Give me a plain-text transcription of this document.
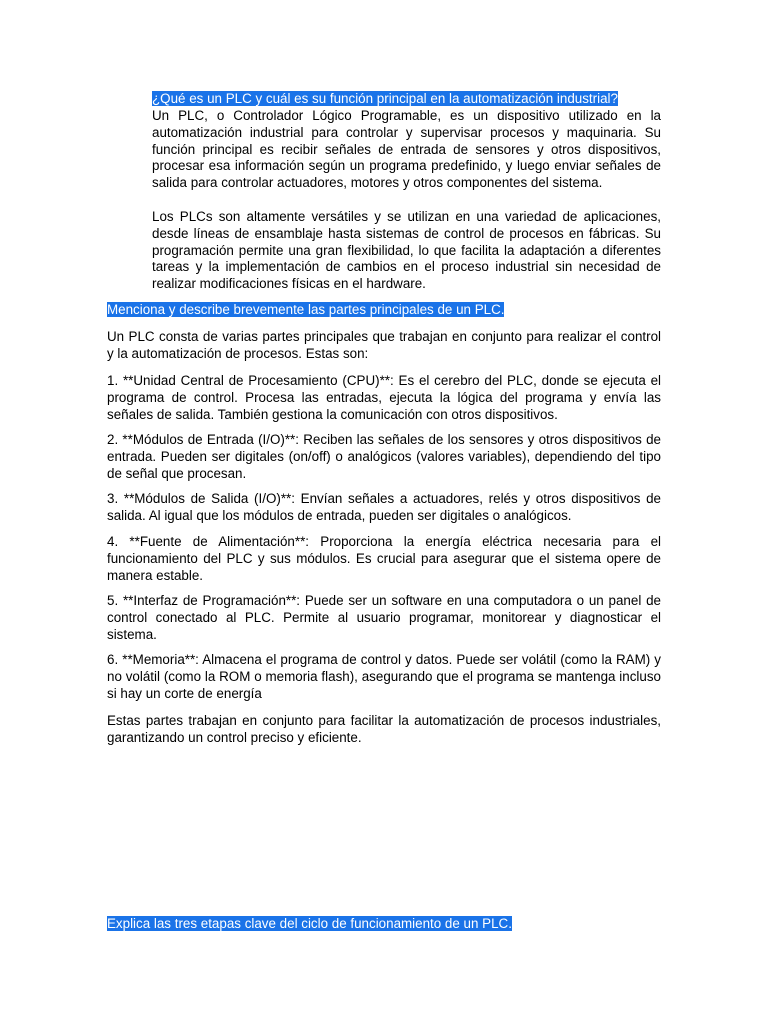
¿Qué es un PLC y cuál es su función principal en la automatización industrial?

Un PLC, o Controlador Lógico Programable, es un dispositivo utilizado en la automatización industrial para controlar y supervisar procesos y maquinaria. Su función principal es recibir señales de entrada de sensores y otros dispositivos, procesar esa información según un programa predefinido, y luego enviar señales de salida para controlar actuadores, motores y otros componentes del sistema.

Los PLCs son altamente versátiles y se utilizan en una variedad de aplicaciones, desde líneas de ensamblaje hasta sistemas de control de procesos en fábricas. Su programación permite una gran flexibilidad, lo que facilita la adaptación a diferentes tareas y la implementación de cambios en el proceso industrial sin necesidad de realizar modificaciones físicas en el hardware.

Menciona y describe brevemente las partes principales de un PLC.

Un PLC consta de varias partes principales que trabajan en conjunto para realizar el control y la automatización de procesos. Estas son:

1. **Unidad Central de Procesamiento (CPU)**: Es el cerebro del PLC, donde se ejecuta el programa de control. Procesa las entradas, ejecuta la lógica del programa y envía las señales de salida. También gestiona la comunicación con otros dispositivos.

2. **Módulos de Entrada (I/O)**: Reciben las señales de los sensores y otros dispositivos de entrada. Pueden ser digitales (on/off) o analógicos (valores variables), dependiendo del tipo de señal que procesan.

3. **Módulos de Salida (I/O)**: Envían señales a actuadores, relés y otros dispositivos de salida. Al igual que los módulos de entrada, pueden ser digitales o analógicos.

4. **Fuente de Alimentación**: Proporciona la energía eléctrica necesaria para el funcionamiento del PLC y sus módulos. Es crucial para asegurar que el sistema opere de manera estable.

5. **Interfaz de Programación**: Puede ser un software en una computadora o un panel de control conectado al PLC. Permite al usuario programar, monitorear y diagnosticar el sistema.

6. **Memoria**: Almacena el programa de control y datos. Puede ser volátil (como la RAM) y no volátil (como la ROM o memoria flash), asegurando que el programa se mantenga incluso si hay un corte de energía

Estas partes trabajan en conjunto para facilitar la automatización de procesos industriales, garantizando un control preciso y eficiente.

Explica las tres etapas clave del ciclo de funcionamiento de un PLC.
